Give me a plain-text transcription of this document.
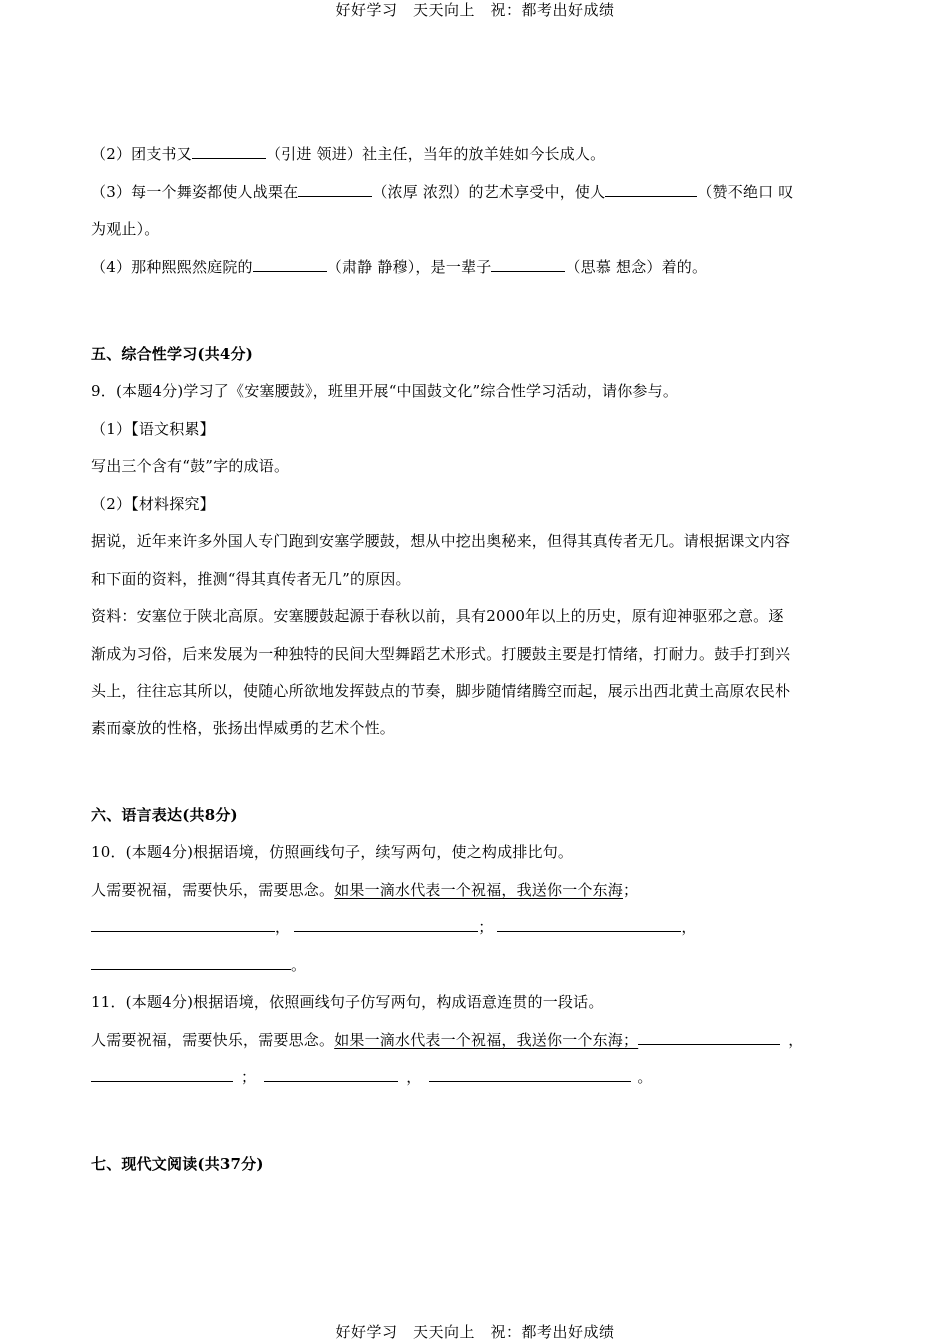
好好学习　天天向上　祝：都考出好成绩
（2）团支书又	（引进 领进）社主任，当年的放羊娃如今长成人。
（3）每一个舞姿都使人战栗在	（浓厚 浓烈）的艺术享受中，使人	（赞不绝口 叹
为观止）。
（4）那种熙熙然庭院的	（肃静 静穆），是一辈子	（思慕 想念）着的。
五、综合性学习(共4分)
9．(本题4分)学习了《安塞腰鼓》，班里开展“中国鼓文化”综合性学习活动，请你参与。
（1）【语文积累】
写出三个含有“鼓”字的成语。
（2）【材料探究】
据说，近年来许多外国人专门跑到安塞学腰鼓，想从中挖出奥秘来，但得其真传者无几。请根据课文内容
和下面的资料，推测“得其真传者无几”的原因。
资料：安塞位于陕北高原。安塞腰鼓起源于春秋以前，具有2000年以上的历史，原有迎神驱邪之意。逐
渐成为习俗，后来发展为一种独特的民间大型舞蹈艺术形式。打腰鼓主要是打情绪，打耐力。鼓手打到兴
头上，往往忘其所以，使随心所欲地发挥鼓点的节奏，脚步随情绪腾空而起，展示出西北黄土高原农民朴
素而豪放的性格，张扬出悍威勇的艺术个性。
六、语言表达(共8分)
10．(本题4分)根据语境，仿照画线句子，续写两句，使之构成排比句。
人需要祝福，需要快乐，需要思念。如果一滴水代表一个祝福，我送你一个东海；
，	；	，
。
11．(本题4分)根据语境，依照画线句子仿写两句，构成语意连贯的一段话。
人需要祝福，需要快乐，需要思念。如果一滴水代表一个祝福，我送你一个东海；	，
；	，	。
七、现代文阅读(共37分)
好好学习　天天向上　祝：都考出好成绩
